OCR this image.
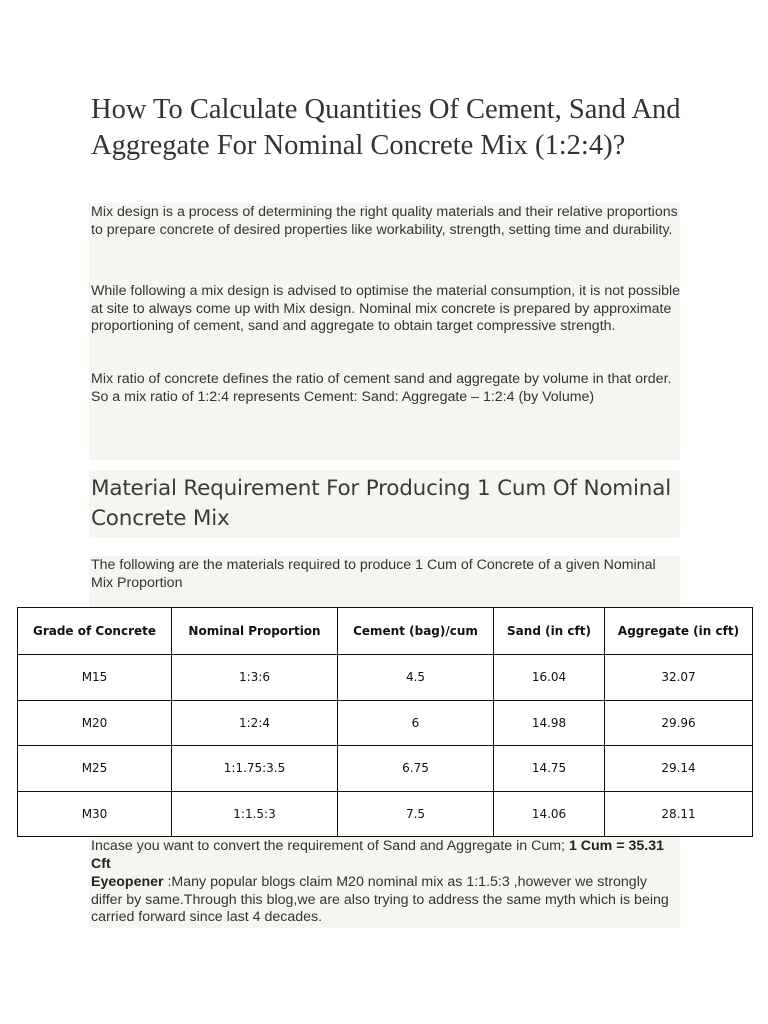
How To Calculate Quantities Of Cement, Sand And Aggregate For Nominal Concrete Mix (1:2:4)?

Mix design is a process of determining the right quality materials and their relative proportions to prepare concrete of desired properties like workability, strength, setting time and durability.

While following a mix design is advised to optimise the material consumption, it is not possible at site to always come up with Mix design. Nominal mix concrete is prepared by approximate proportioning of cement, sand and aggregate to obtain target compressive strength.

Mix ratio of concrete defines the ratio of cement sand and aggregate by volume in that order. So a mix ratio of 1:2:4 represents Cement: Sand: Aggregate – 1:2:4 (by Volume)

Material Requirement For Producing 1 Cum Of Nominal Concrete Mix

The following are the materials required to produce 1 Cum of Concrete of a given Nominal Mix Proportion

Grade of Concrete	Nominal Proportion	Cement (bag)/cum	Sand (in cft)	Aggregate (in cft)
M15	1:3:6	4.5	16.04	32.07
M20	1:2:4	6	14.98	29.96
M25	1:1.75:3.5	6.75	14.75	29.14
M30	1:1.5:3	7.5	14.06	28.11

Incase you want to convert the requirement of Sand and Aggregate in Cum; 1 Cum = 35.31 Cft

Eyeopener :Many popular blogs claim M20 nominal mix as 1:1.5:3 ,however we strongly differ by same.Through this blog,we are also trying to address the same myth which is being carried forward since last 4 decades.
